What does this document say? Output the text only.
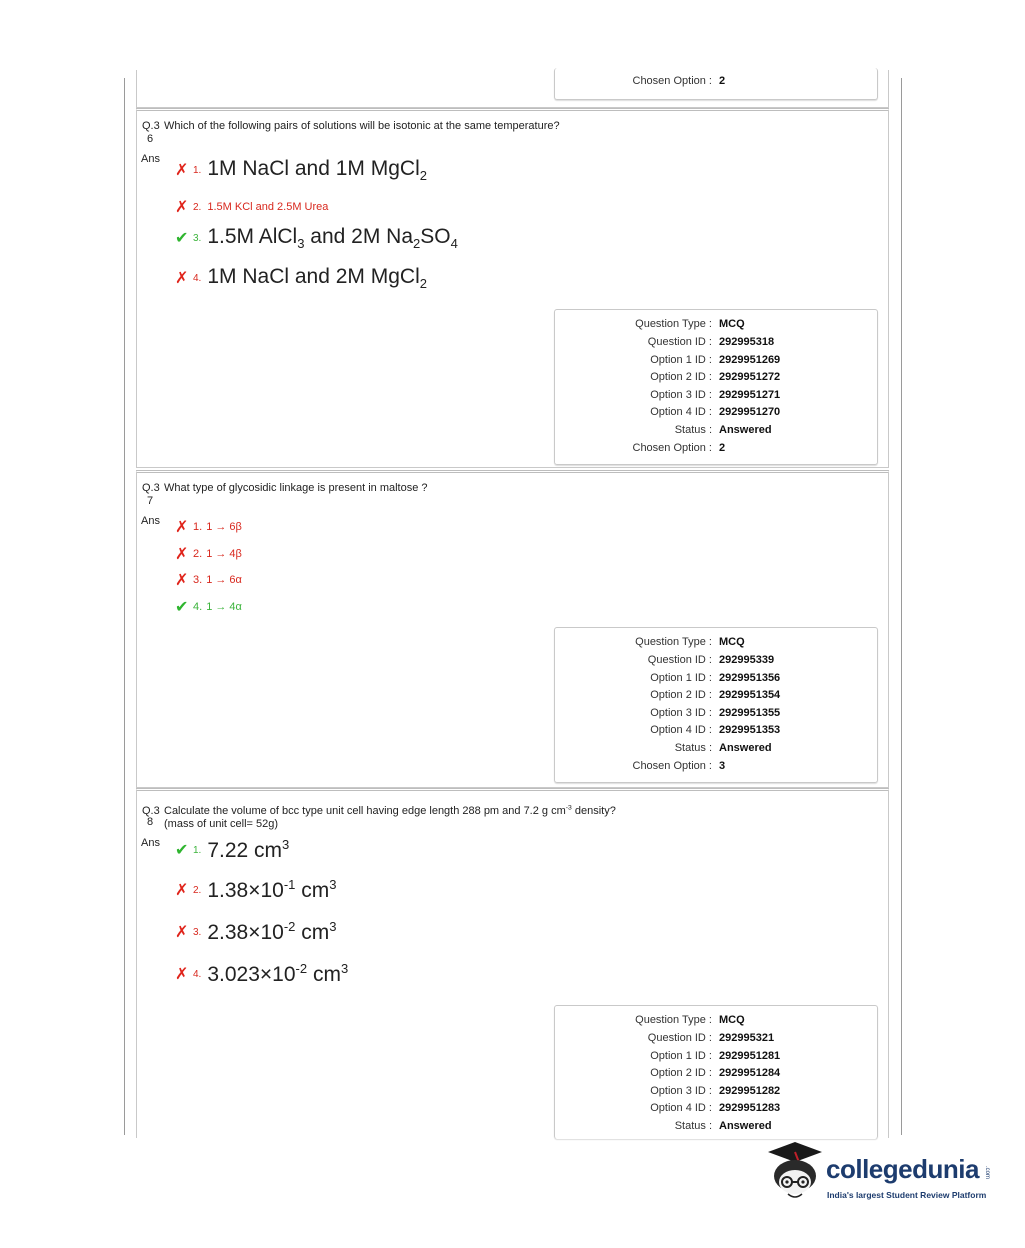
Chosen Option : 2
Q.3 Which of the following pairs of solutions will be isotonic at the same temperature?
6
Ans
✗ 1. 1M NaCl and 1M MgCl$_2$
✗ 2. 1.5M KCl and 2.5M Urea
✔ 3. 1.5M AlCl$_3$ and 2M $Na_2SO_4$
✗ 4. 1M NaCl and 2M MgCl$_2$
Question Type : MCQ
Question ID : 292995318
Option 1 ID : 2929951269
Option 2 ID : 2929951272
Option 3 ID : 2929951271
Option 4 ID : 2929951270
Status : Answered
Chosen Option : 2
Q.3 What type of glycosidic linkage is present in maltose ?
7
Ans ✗ 1. 1 → 6β
✗ 2. 1 → 4β
✗ 3. 1 → 6α
✔ 4. 1 → 4α
Question Type : MCQ
Question ID : 292995339
Option 1 ID : 2929951356
Option 2 ID : 2929951354
Option 3 ID : 2929951355
Option 4 ID : 2929951353
Status : Answered
Chosen Option : 3
Q.3 Calculate the volume of bcc type unit cell having edge length 288 pm and 7.2 g $cm^{-3}$ density?
8 (mass of unit cell= 52g)
Ans ✔ 1. 7.22 $cm^3$
✗ 2. $1.38\times 10^{-1}$ $cm^3$
✗ 3. $2.38\times 10^{-2}$ $cm^3$
✗ 4. $3.023\times 10^{-2}$ $cm^3$
Question Type : MCQ
Question ID : 292995321
Option 1 ID : 2929951281
Option 2 ID : 2929951284
Option 3 ID : 2929951282
Option 4 ID : 2929951283
Status : Answered
collegedunia .com
India's largest Student Review Platform
